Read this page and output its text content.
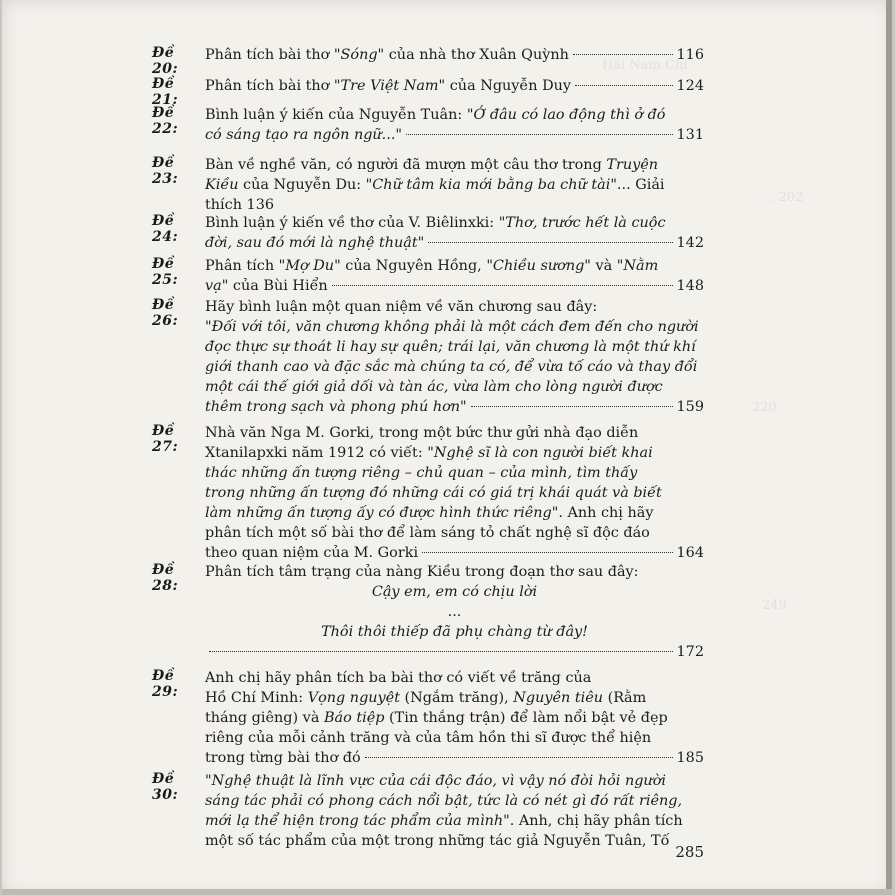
Hãi Nam Chi
... 202
220
249
Đề 20:
Phân tích bài thơ "Sóng" của nhà thơ Xuân Quỳnh	116
Đề 21:
Phân tích bài thơ "Tre Việt Nam" của Nguyễn Duy	124
Đề 22:
Bình luận ý kiến của Nguyễn Tuân: "Ở đâu có lao động thì ở đó
có sáng tạo ra ngôn ngữ..."	131
Đề 23:
Bàn về nghề văn, có người đã mượn một câu thơ trong Truyện
Kiều của Nguyễn Du: "Chữ tâm kia mới bằng ba chữ tài"... Giải
thích 136
Đề 24:
Bình luận ý kiến về thơ của V. Biêlinxki: "Thơ, trước hết là cuộc
đời, sau đó mới là nghệ thuật"	142
Đề 25:
Phân tích "Mợ Du" của Nguyên Hồng, "Chiều sương" và "Nằm
vạ" của Bùi Hiển	148
Đề 26:
Hãy bình luận một quan niệm về văn chương sau đây:
"Đối với tôi, văn chương không phải là một cách đem đến cho người
đọc thực sự thoát li hay sự quên; trái lại, văn chương là một thứ khí
giới thanh cao và đặc sắc mà chúng ta có, để vừa tố cáo và thay đổi
một cái thế giới giả dối và tàn ác, vừa làm cho lòng người được
thêm trong sạch và phong phú hơn"	159
Đề 27:
Nhà văn Nga M. Gorki, trong một bức thư gửi nhà đạo diễn
Xtanilapxki năm 1912 có viết: "Nghệ sĩ là con người biết khai
thác những ấn tượng riêng – chủ quan – của mình, tìm thấy
trong những ấn tượng đó những cái có giá trị khái quát và biết
làm những ấn tượng ấy có được hình thức riêng". Anh chị hãy
phân tích một số bài thơ để làm sáng tỏ chất nghệ sĩ độc đáo
theo quan niệm của M. Gorki	164
Đề 28:
Phân tích tâm trạng của nàng Kiều trong đoạn thơ sau đây:
Cậy em, em có chịu lời
...
Thôi thôi thiếp đã phụ chàng từ đây!
172
Đề 29:
Anh chị hãy phân tích ba bài thơ có viết về trăng của
Hồ Chí Minh: Vọng nguyệt (Ngắm trăng), Nguyên tiêu (Rằm
tháng giêng) và Báo tiệp (Tin thắng trận) để làm nổi bật vẻ đẹp
riêng của mỗi cảnh trăng và của tâm hồn thi sĩ được thể hiện
trong từng bài thơ đó	185
Đề 30:
"Nghệ thuật là lĩnh vực của cái độc đáo, vì vậy nó đòi hỏi người
sáng tác phải có phong cách nổi bật, tức là có nét gì đó rất riêng,
mới lạ thể hiện trong tác phẩm của mình". Anh, chị hãy phân tích
một số tác phẩm của một trong những tác giả Nguyễn Tuân, Tố
285
